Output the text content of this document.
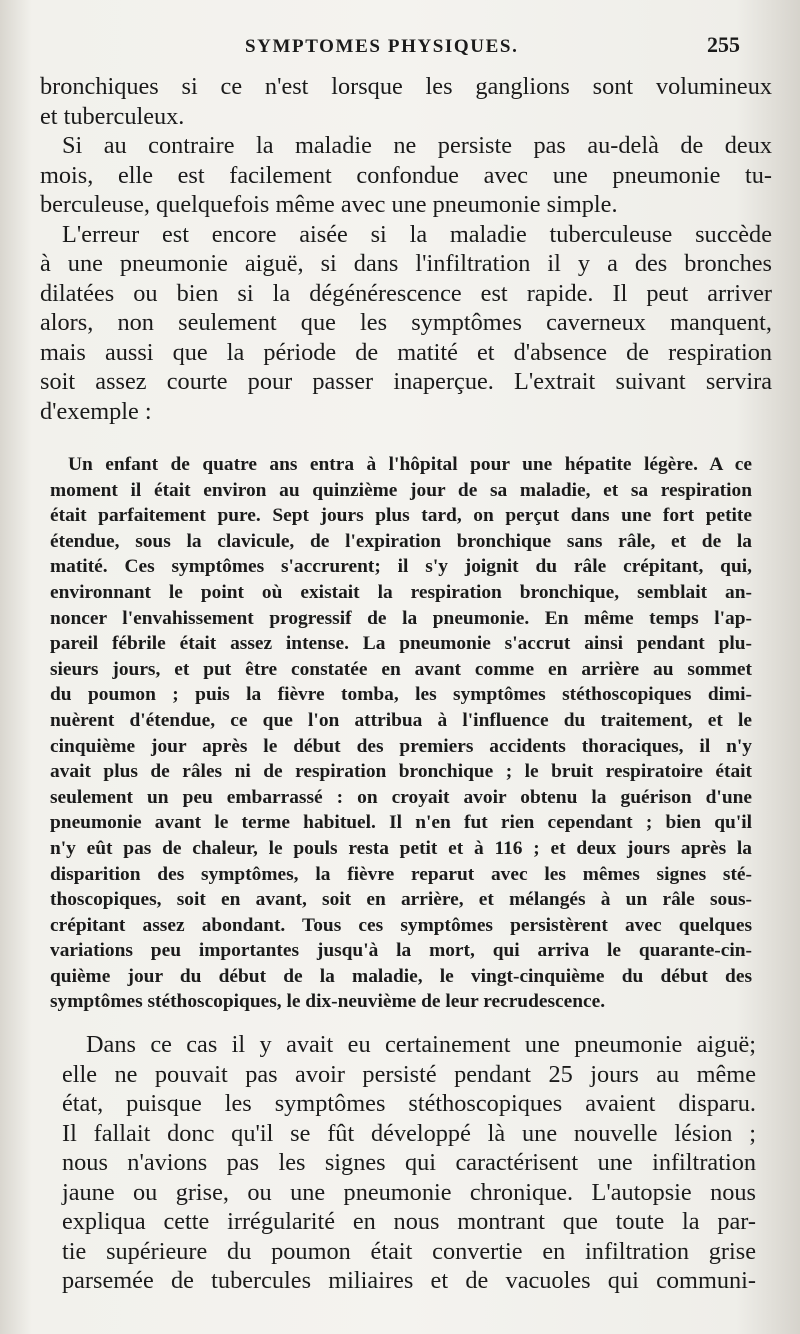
SYMPTOMES PHYSIQUES.	255

bronchiques si ce n'est lorsque les ganglions sont volumineux
et tuberculeux.

Si au contraire la maladie ne persiste pas au-delà de deux
mois, elle est facilement confondue avec une pneumonie tu-
berculeuse, quelquefois même avec une pneumonie simple.

L'erreur est encore aisée si la maladie tuberculeuse succède
à une pneumonie aiguë, si dans l'infiltration il y a des bronches
dilatées ou bien si la dégénérescence est rapide. Il peut arriver
alors, non seulement que les symptômes caverneux manquent,
mais aussi que la période de matité et d'absence de respiration
soit assez courte pour passer inaperçue. L'extrait suivant servira
d'exemple :

Un enfant de quatre ans entra à l'hôpital pour une hépatite légère. A ce
moment il était environ au quinzième jour de sa maladie, et sa respiration
était parfaitement pure. Sept jours plus tard, on perçut dans une fort petite
étendue, sous la clavicule, de l'expiration bronchique sans râle, et de la
matité. Ces symptômes s'accrurent; il s'y joignit du râle crépitant, qui,
environnant le point où existait la respiration bronchique, semblait an-
noncer l'envahissement progressif de la pneumonie. En même temps l'ap-
pareil fébrile était assez intense. La pneumonie s'accrut ainsi pendant plu-
sieurs jours, et put être constatée en avant comme en arrière au sommet
du poumon ; puis la fièvre tomba, les symptômes stéthoscopiques dimi-
nuèrent d'étendue, ce que l'on attribua à l'influence du traitement, et le
cinquième jour après le début des premiers accidents thoraciques, il n'y
avait plus de râles ni de respiration bronchique ; le bruit respiratoire était
seulement un peu embarrassé : on croyait avoir obtenu la guérison d'une
pneumonie avant le terme habituel. Il n'en fut rien cependant ; bien qu'il
n'y eût pas de chaleur, le pouls resta petit et à 116 ; et deux jours après la
disparition des symptômes, la fièvre reparut avec les mêmes signes sté-
thoscopiques, soit en avant, soit en arrière, et mélangés à un râle sous-
crépitant assez abondant. Tous ces symptômes persistèrent avec quelques
variations peu importantes jusqu'à la mort, qui arriva le quarante-cin-
quième jour du début de la maladie, le vingt-cinquième du début des
symptômes stéthoscopiques, le dix-neuvième de leur recrudescence.

Dans ce cas il y avait eu certainement une pneumonie aiguë;
elle ne pouvait pas avoir persisté pendant 25 jours au même
état, puisque les symptômes stéthoscopiques avaient disparu.
Il fallait donc qu'il se fût développé là une nouvelle lésion ;
nous n'avions pas les signes qui caractérisent une infiltration
jaune ou grise, ou une pneumonie chronique. L'autopsie nous
expliqua cette irrégularité en nous montrant que toute la par-
tie supérieure du poumon était convertie en infiltration grise
parsemée de tubercules miliaires et de vacuoles qui communi-
